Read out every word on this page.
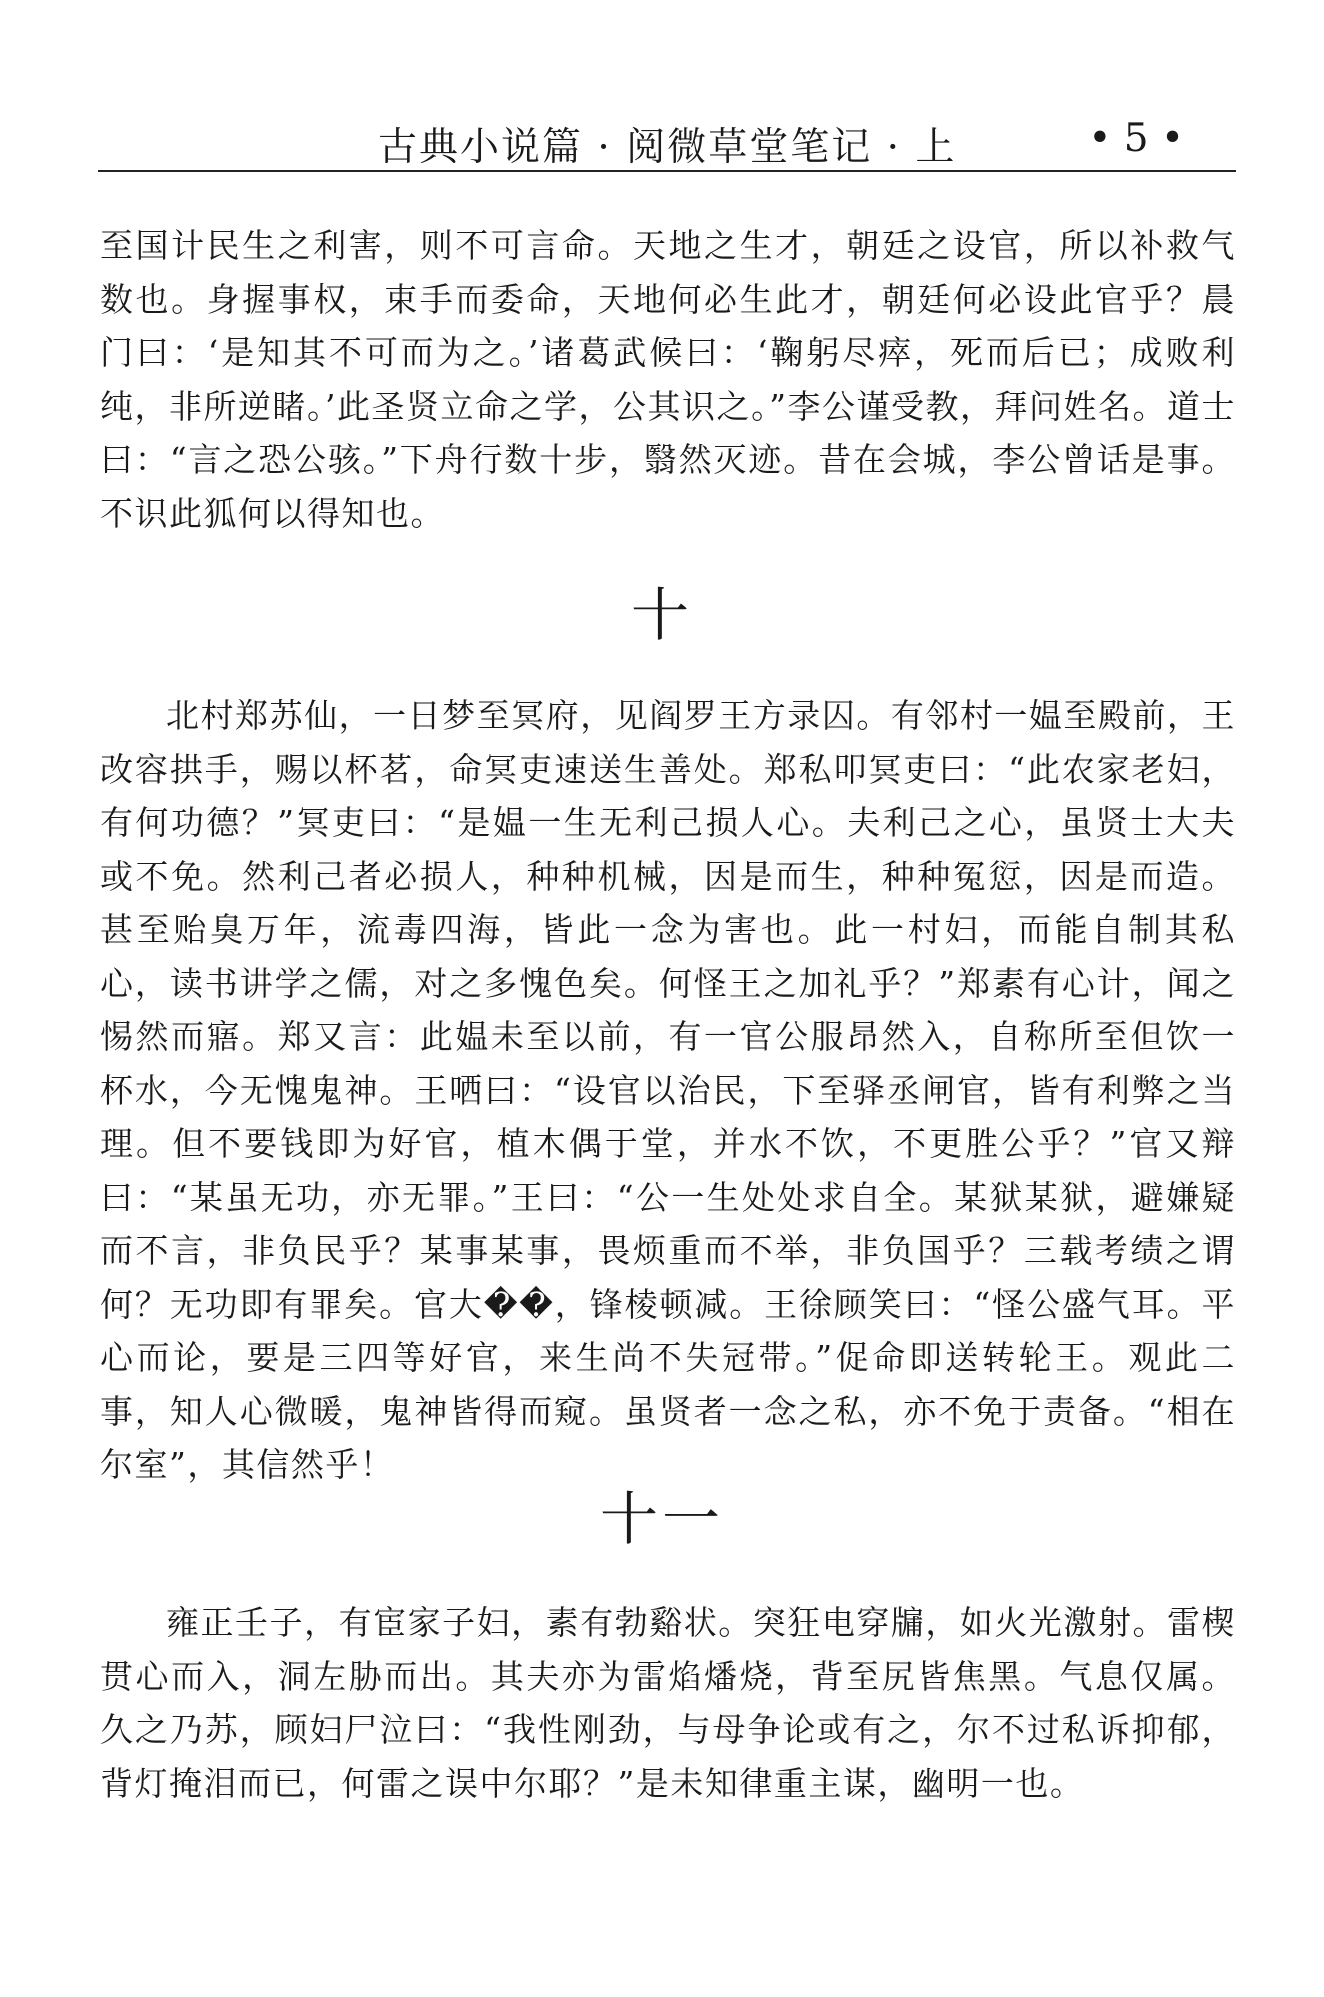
古典小说篇 · 阅微草堂笔记 · 上	• 5 •

至国计民生之利害，则不可言命。天地之生才，朝廷之设官，所以补救气数也。身握事权，束手而委命，天地何必生此才，朝廷何必设此官乎？晨门曰：‘是知其不可而为之。’诸葛武候曰：‘鞠躬尽瘁，死而后已；成败利纯，非所逆睹。’此圣贤立命之学，公其识之。”李公谨受教，拜问姓名。道士曰：“言之恐公骇。”下舟行数十步，翳然灭迹。昔在会城，李公曾话是事。不识此狐何以得知也。

十

北村郑苏仙，一日梦至冥府，见阎罗王方录囚。有邻村一媪至殿前，王改容拱手，赐以杯茗，命冥吏速送生善处。郑私叩冥吏曰：“此农家老妇，有何功德？”冥吏曰：“是媪一生无利己损人心。夫利己之心，虽贤士大夫或不免。然利己者必损人，种种机械，因是而生，种种冤愆，因是而造。甚至贻臭万年，流毒四海，皆此一念为害也。此一村妇，而能自制其私心，读书讲学之儒，对之多愧色矣。何怪王之加礼乎？”郑素有心计，闻之惕然而寤。郑又言：此媪未至以前，有一官公服昂然入，自称所至但饮一杯水，今无愧鬼神。王哂曰：“设官以治民，下至驿丞闸官，皆有利弊之当理。但不要钱即为好官，植木偶于堂，并水不饮，不更胜公乎？”官又辩曰：“某虽无功，亦无罪。”王曰：“公一生处处求自全。某狱某狱，避嫌疑而不言，非负民乎？某事某事，畏烦重而不举，非负国乎？三载考绩之谓何？无功即有罪矣。官大��，锋棱顿减。王徐顾笑曰：“怪公盛气耳。平心而论，要是三四等好官，来生尚不失冠带。”促命即送转轮王。观此二事，知人心微暖，鬼神皆得而窥。虽贤者一念之私，亦不免于责备。“相在尔室”，其信然乎！

十一

雍正壬子，有宦家子妇，素有勃谿状。突狂电穿牖，如火光激射。雷楔贯心而入，洞左胁而出。其夫亦为雷焰燔烧，背至尻皆焦黑。气息仅属。久之乃苏，顾妇尸泣曰：“我性刚劲，与母争论或有之，尔不过私诉抑郁，背灯掩泪而已，何雷之误中尔耶？”是未知律重主谋，幽明一也。
